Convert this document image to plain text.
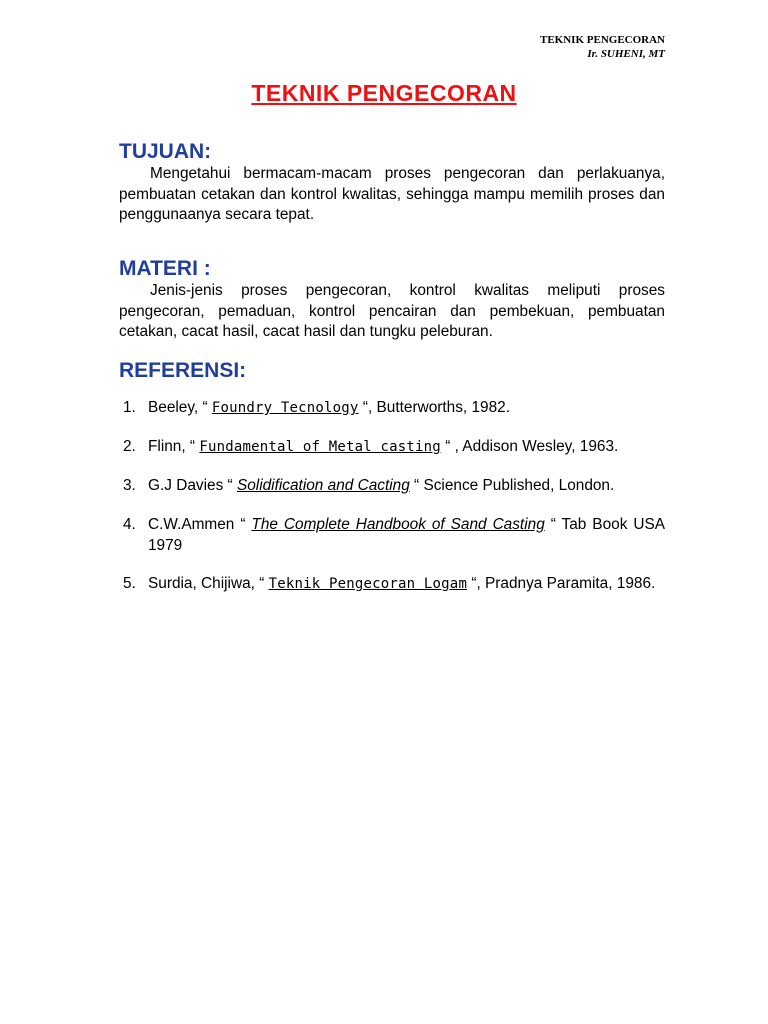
TEKNIK PENGECORAN
Ir. SUHENI, MT
TEKNIK PENGECORAN
TUJUAN:

Mengetahui bermacam-macam proses pengecoran dan perlakuanya, pembuatan cetakan dan kontrol kwalitas, sehingga mampu memilih proses dan penggunaanya secara tepat.

MATERI :

Jenis-jenis proses pengecoran, kontrol kwalitas meliputi proses pengecoran, pemaduan, kontrol pencairan dan pembekuan, pembuatan cetakan, cacat hasil, cacat hasil dan tungku peleburan.

REFERENSI:
1. Beeley, “ Foundry Tecnology “, Butterworths, 1982.
2. Flinn, “ Fundamental of Metal casting “ , Addison Wesley, 1963.
3. G.J Davies “ Solidification and Cacting “ Science Published, London.
4. C.W.Ammen “ The Complete Handbook of Sand Casting “ Tab Book USA 1979
5. Surdia, Chijiwa, “ Teknik Pengecoran Logam “, Pradnya Paramita, 1986.
